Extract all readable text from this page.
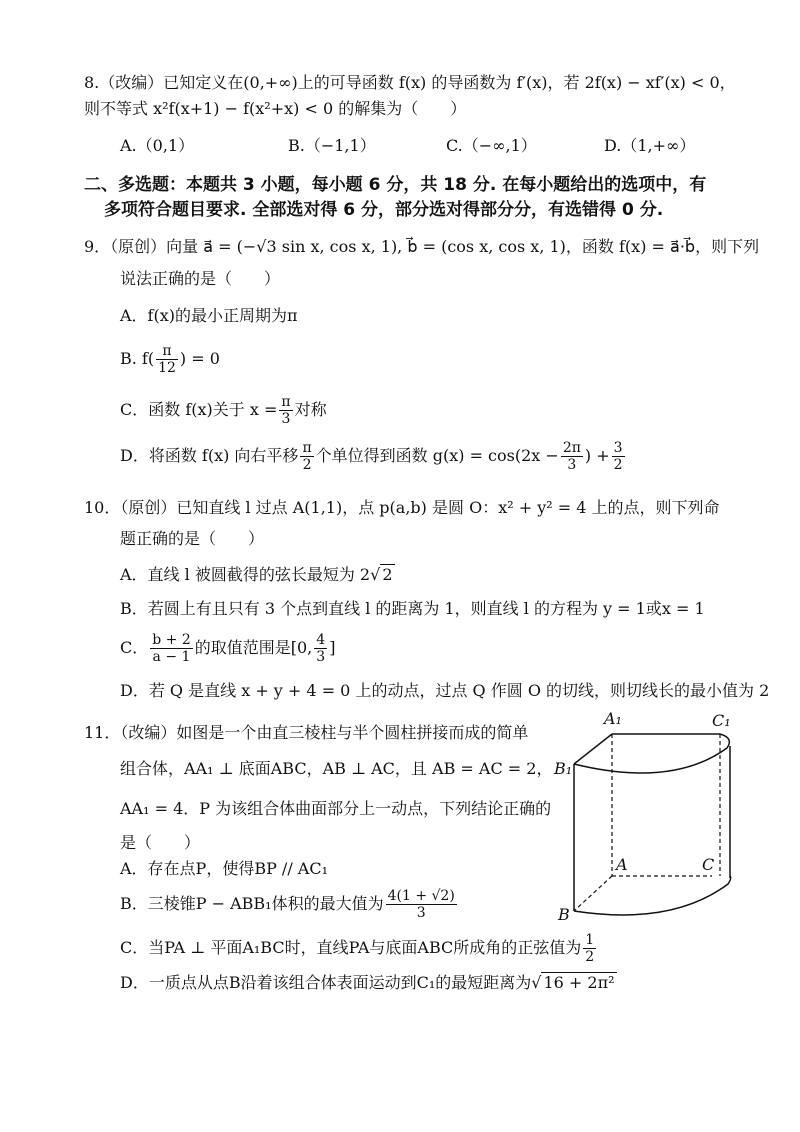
8.（改编）已知定义在(0,+∞)上的可导函数 f(x) 的导函数为 f′(x)，若 2f(x) − xf′(x) < 0，
则不等式 x²f(x+1) − f(x²+x) < 0 的解集为（　　）
A.（0,1）	B.（−1,1）	C.（−∞,1）	D.（1,+∞）
二、多选题：本题共 3 小题，每小题 6 分，共 18 分. 在每小题给出的选项中，有
多项符合题目要求. 全部选对得 6 分，部分选对得部分分，有选错得 0 分.
9．（原创）向量 a⃗ = (−√3 sin x, cos x, 1), b⃗ = (cos x, cos x, 1)，函数 f(x) = a⃗·b⃗，则下列
说法正确的是（　　）
A．f(x)的最小正周期为π
B. $f( \frac{\pi}{12}$ ) = 0
C．函数 f(x)关于 $x = \frac{\pi}{3}$ 对称
D．将函数 f(x) 向右平移 $\frac{\pi}{2}$ 个单位得到函数 $g(x) = \cos(2x - \frac{2\pi}{3}$ ) + $\frac{3}{2}$
10．（原创）已知直线 l 过点 A(1,1)，点 p(a,b) 是圆 O：x² + y² = 4 上的点，则下列命
题正确的是（　　）
A．直线 l 被圆截得的弦长最短为 2√ 2
B．若圆上有且只有 3 个点到直线 l 的距离为 1，则直线 l 的方程为 y = 1或x = 1
C． $\frac{b + 2}{a - 1}$ 的取值范围是[0, $\frac{4}{3}$ ]
D．若 Q 是直线 x + y + 4 = 0 上的动点，过点 Q 作圆 O 的切线，则切线长的最小值为 2
11．（改编）如图是一个由直三棱柱与半个圆柱拼接而成的简单
组合体，AA₁ ⊥ 底面ABC，AB ⊥ AC，且 AB = AC = 2，
AA₁ = 4．P 为该组合体曲面部分上一动点，下列结论正确的
是（　　）
A．存在点P，使得BP // AC₁
B．三棱锥P − ABB₁体积的最大值为 $\frac{4(1 + √2)}{3}$
C．当PA ⊥ 平面A₁BC时，直线PA与底面ABC所成角的正弦值为 $\frac{1}{2}$
D．一质点从点B沿着该组合体表面运动到C₁的最短距离为√ 16 + 2π²
A₁	C₁
B₁
A	C
B
